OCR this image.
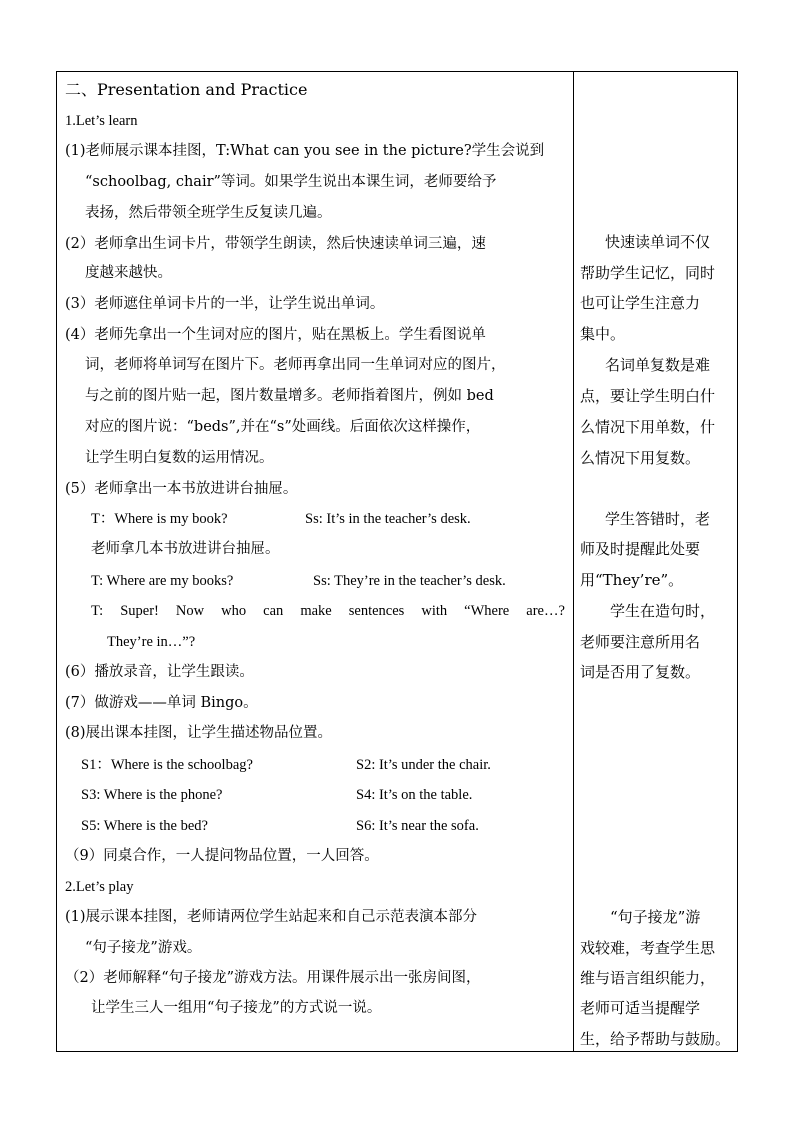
二、Presentation and Practice
1.Let’s learn
(1)老师展示课本挂图，T:What can you see in the picture?学生会说到
“schoolbag, chair”等词。如果学生说出本课生词，老师要给予
表扬，然后带领全班学生反复读几遍。
(2）老师拿出生词卡片，带领学生朗读，然后快速读单词三遍，速
度越来越快。
(3）老师遮住单词卡片的一半，让学生说出单词。
(4）老师先拿出一个生词对应的图片，贴在黑板上。学生看图说单
词，老师将单词写在图片下。老师再拿出同一生单词对应的图片，
与之前的图片贴一起，图片数量增多。老师指着图片，例如 bed
对应的图片说：“beds”,并在“s”处画线。后面依次这样操作，
让学生明白复数的运用情况。
(5）老师拿出一本书放进讲台抽屉。
T：Where is my book?	Ss: It’s in the teacher’s desk.
老师拿几本书放进讲台抽屉。
T: Where are my books?	Ss: They’re in the teacher’s desk.
T: Super! Now who can make sentences with “Where are…?
They’re in…”?
(6）播放录音，让学生跟读。
(7）做游戏——单词 Bingo。
(8)展出课本挂图，让学生描述物品位置。
S1：Where is the schoolbag?	S2: It’s under the chair.
S3: Where is the phone?	S4: It’s on the table.
S5: Where is the bed?	S6: It’s near the sofa.
（9）同桌合作，一人提问物品位置，一人回答。
2.Let’s play
(1)展示课本挂图，老师请两位学生站起来和自己示范表演本部分
“句子接龙”游戏。
（2）老师解释“句子接龙”游戏方法。用课件展示出一张房间图，
让学生三人一组用“句子接龙”的方式说一说。
快速读单词不仅
帮助学生记忆，同时
也可让学生注意力
集中。
名词单复数是难
点，要让学生明白什
么情况下用单数，什
么情况下用复数。
学生答错时，老
师及时提醒此处要
用“They’re”。
学生在造句时，
老师要注意所用名
词是否用了复数。
“句子接龙”游
戏较难，考查学生思
维与语言组织能力，
老师可适当提醒学
生，给予帮助与鼓励。
